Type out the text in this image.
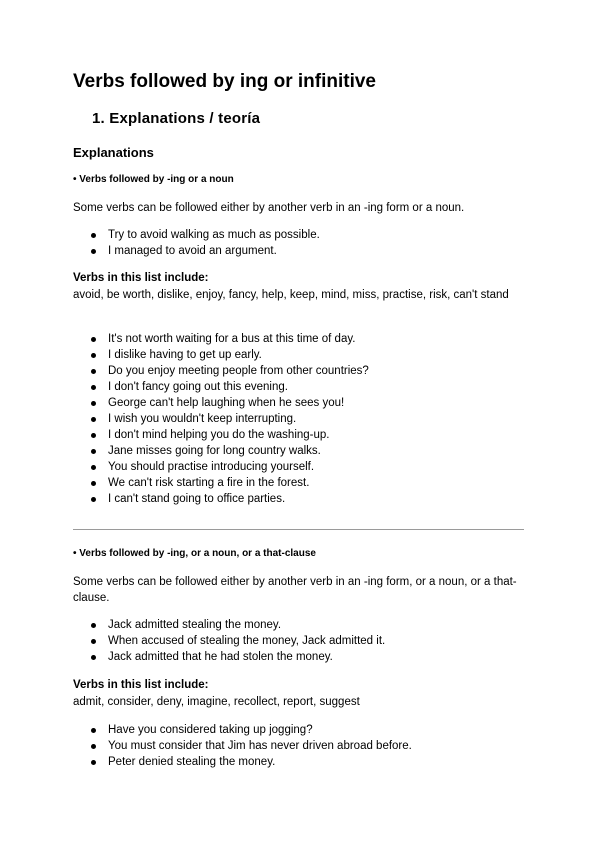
Verbs followed by ing or infinitive
1. Explanations / teoría
Explanations
• Verbs followed by -ing or a noun
Some verbs can be followed either by another verb in an -ing form or a noun.
Try to avoid walking as much as possible.
I managed to avoid an argument.
Verbs in this list include:
avoid, be worth, dislike, enjoy, fancy, help, keep, mind, miss, practise, risk, can't stand
It's not worth waiting for a bus at this time of day.
I dislike having to get up early.
Do you enjoy meeting people from other countries?
I don't fancy going out this evening.
George can't help laughing when he sees you!
I wish you wouldn't keep interrupting.
I don't mind helping you do the washing-up.
Jane misses going for long country walks.
You should practise introducing yourself.
We can't risk starting a fire in the forest.
I can't stand going to office parties.
• Verbs followed by -ing, or a noun, or a that-clause
Some verbs can be followed either by another verb in an -ing form, or a noun, or a that-clause.
Jack admitted stealing the money.
When accused of stealing the money, Jack admitted it.
Jack admitted that he had stolen the money.
Verbs in this list include:
admit, consider, deny, imagine, recollect, report, suggest
Have you considered taking up jogging?
You must consider that Jim has never driven abroad before.
Peter denied stealing the money.
